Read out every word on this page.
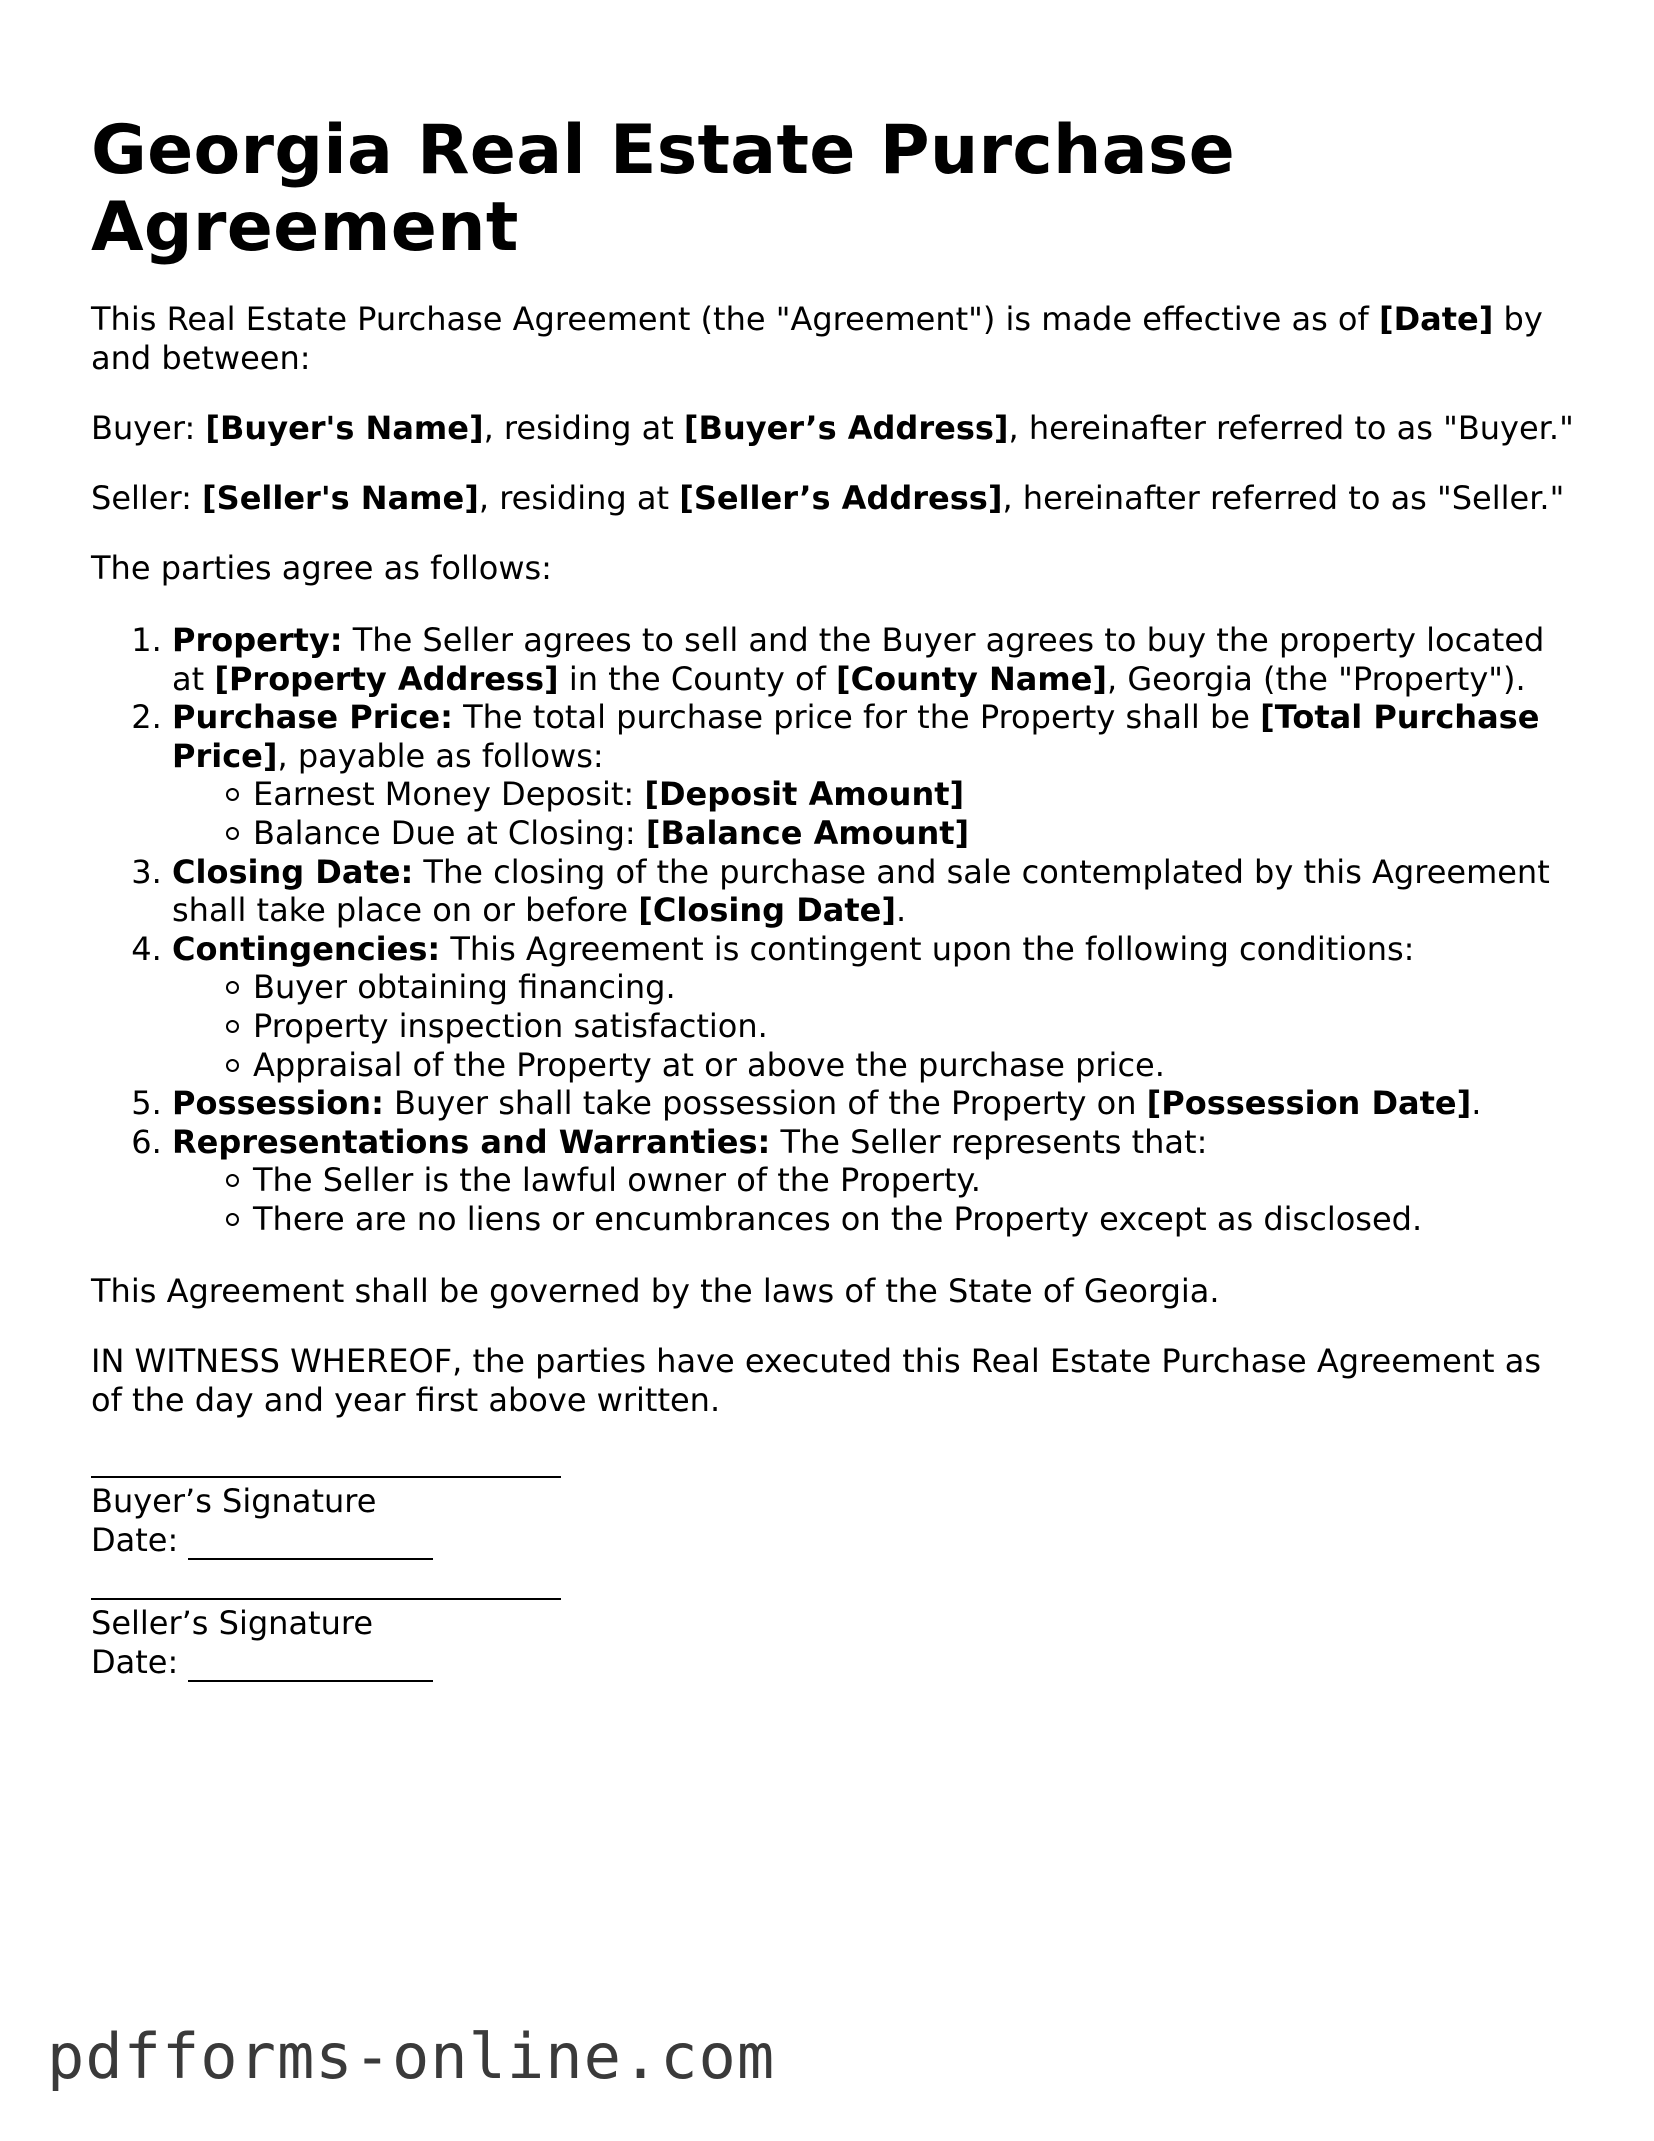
Georgia Real Estate Purchase Agreement

This Real Estate Purchase Agreement (the "Agreement") is made effective as of [Date] by and between:

Buyer: [Buyer's Name], residing at [Buyer’s Address], hereinafter referred to as "Buyer."

Seller: [Seller's Name], residing at [Seller’s Address], hereinafter referred to as "Seller."

The parties agree as follows:

1. Property: The Seller agrees to sell and the Buyer agrees to buy the property located at [Property Address] in the County of [County Name], Georgia (the "Property").
2. Purchase Price: The total purchase price for the Property shall be [Total Purchase Price], payable as follows:
Earnest Money Deposit: [Deposit Amount]
Balance Due at Closing: [Balance Amount]
3. Closing Date: The closing of the purchase and sale contemplated by this Agreement shall take place on or before [Closing Date].
4. Contingencies: This Agreement is contingent upon the following conditions:
Buyer obtaining financing.
Property inspection satisfaction.
Appraisal of the Property at or above the purchase price.
5. Possession: Buyer shall take possession of the Property on [Possession Date].
6. Representations and Warranties: The Seller represents that:
The Seller is the lawful owner of the Property.
There are no liens or encumbrances on the Property except as disclosed.

This Agreement shall be governed by the laws of the State of Georgia.

IN WITNESS WHEREOF, the parties have executed this Real Estate Purchase Agreement as of the day and year first above written.

Buyer’s Signature
Date:
Seller’s Signature
Date:
pdfforms-online.com
